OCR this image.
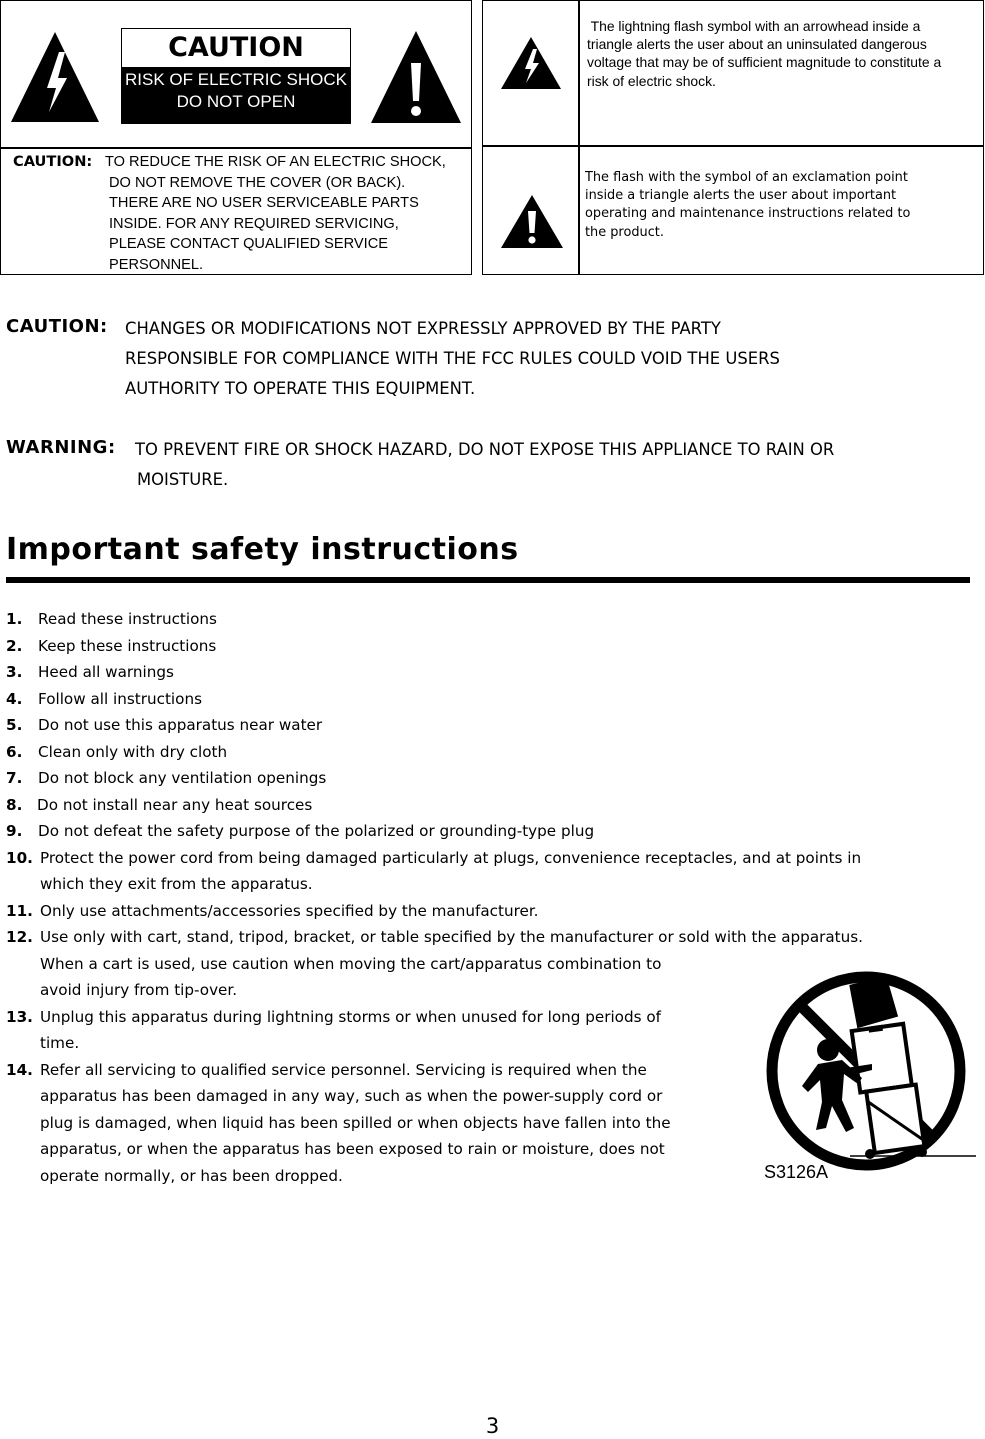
CAUTION
RISK OF ELECTRIC SHOCK
DO NOT OPEN
CAUTION: TO REDUCE THE RISK OF AN ELECTRIC SHOCK,
DO NOT REMOVE THE COVER (OR BACK).
THERE ARE NO USER SERVICEABLE PARTS
INSIDE. FOR ANY REQUIRED SERVICING,
PLEASE CONTACT QUALIFIED SERVICE
PERSONNEL.
The lightning flash symbol with an arrowhead inside a
triangle alerts the user about an uninsulated dangerous
voltage that may be of sufficient magnitude to constitute a
risk of electric shock.
The flash with the symbol of an exclamation point
inside a triangle alerts the user about important
operating and maintenance instructions related to
the product.
CAUTION: CHANGES OR MODIFICATIONS NOT EXPRESSLY APPROVED BY THE PARTY
RESPONSIBLE FOR COMPLIANCE WITH THE FCC RULES COULD VOID THE USERS
AUTHORITY TO OPERATE THIS EQUIPMENT.
WARNING: TO PREVENT FIRE OR SHOCK HAZARD, DO NOT EXPOSE THIS APPLIANCE TO RAIN OR
MOISTURE.
Important safety instructions
1. Read these instructions
2. Keep these instructions
3. Heed all warnings
4. Follow all instructions
5. Do not use this apparatus near water
6. Clean only with dry cloth
7. Do not block any ventilation openings
8. Do not install near any heat sources
9. Do not defeat the safety purpose of the polarized or grounding-type plug
10. Protect the power cord from being damaged particularly at plugs, convenience receptacles, and at points in
which they exit from the apparatus.
11. Only use attachments/accessories specified by the manufacturer.
12. Use only with cart, stand, tripod, bracket, or table specified by the manufacturer or sold with the apparatus.
When a cart is used, use caution when moving the cart/apparatus combination to
avoid injury from tip-over.
13. Unplug this apparatus during lightning storms or when unused for long periods of
time.
14. Refer all servicing to qualified service personnel. Servicing is required when the
apparatus has been damaged in any way, such as when the power-supply cord or
plug is damaged, when liquid has been spilled or when objects have fallen into the
apparatus, or when the apparatus has been exposed to rain or moisture, does not
operate normally, or has been dropped.	S3126A
3
